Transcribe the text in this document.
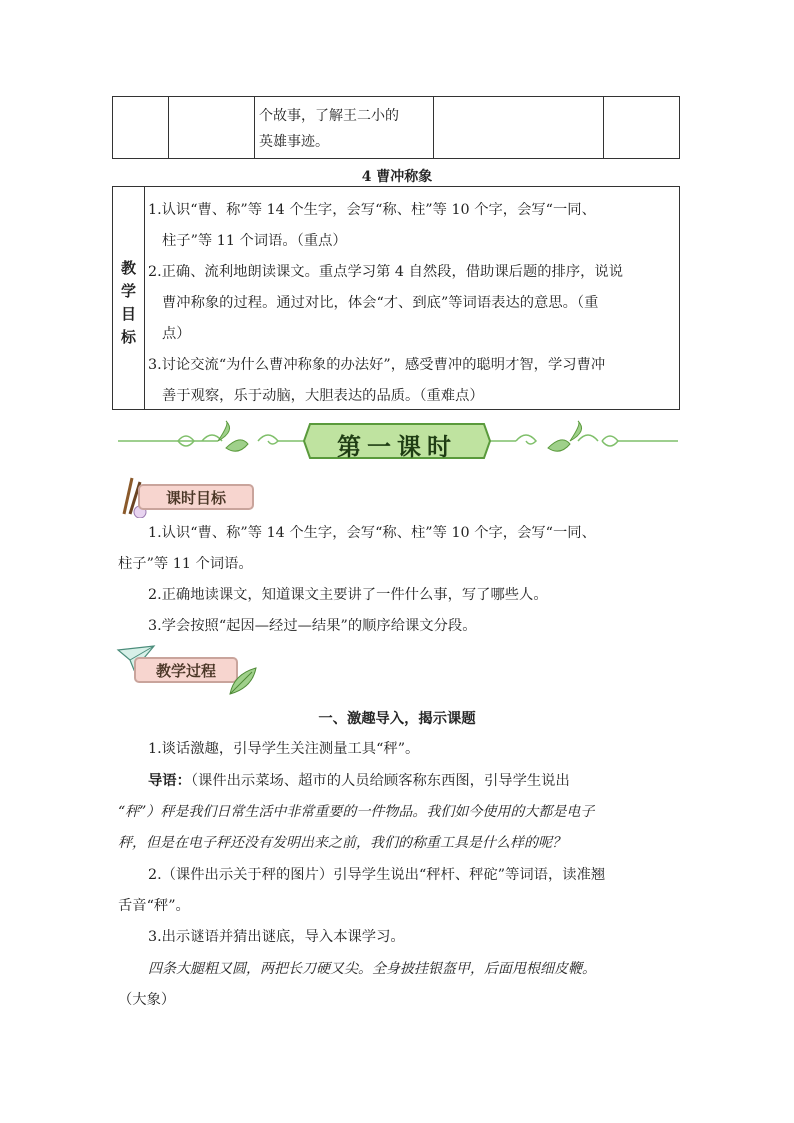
个故事，了解王二小的
英雄事迹。
4 曹冲称象
教
学
目
标
1.认识“曹、称”等 14 个生字，会写“称、柱”等 10 个字，会写“一同、
柱子”等 11 个词语。（重点）
2.正确、流利地朗读课文。重点学习第 4 自然段，借助课后题的排序，说说
曹冲称象的过程。通过对比，体会“才、到底”等词语表达的意思。（重
点）
3.讨论交流“为什么曹冲称象的办法好”，感受曹冲的聪明才智，学习曹冲
善于观察，乐于动脑，大胆表达的品质。（重难点）
第一课时
课时目标
1.认识“曹、称”等 14 个生字，会写“称、柱”等 10 个字，会写“一同、
柱子”等 11 个词语。
2.正确地读课文，知道课文主要讲了一件什么事，写了哪些人。
3.学会按照“起因—经过—结果”的顺序给课文分段。
教学过程
一、激趣导入，揭示课题
1.谈话激趣，引导学生关注测量工具“秤”。
导语：（课件出示菜场、超市的人员给顾客称东西图，引导学生说出
“秤”）秤是我们日常生活中非常重要的一件物品。我们如今使用的大都是电子
秤，但是在电子秤还没有发明出来之前，我们的称重工具是什么样的呢？
2.（课件出示关于秤的图片）引导学生说出“秤杆、秤砣”等词语，读准翘
舌音“秤”。
3.出示谜语并猜出谜底，导入本课学习。
四条大腿粗又圆，两把长刀硬又尖。全身披挂银盔甲，后面甩根细皮鞭。
（大象）
